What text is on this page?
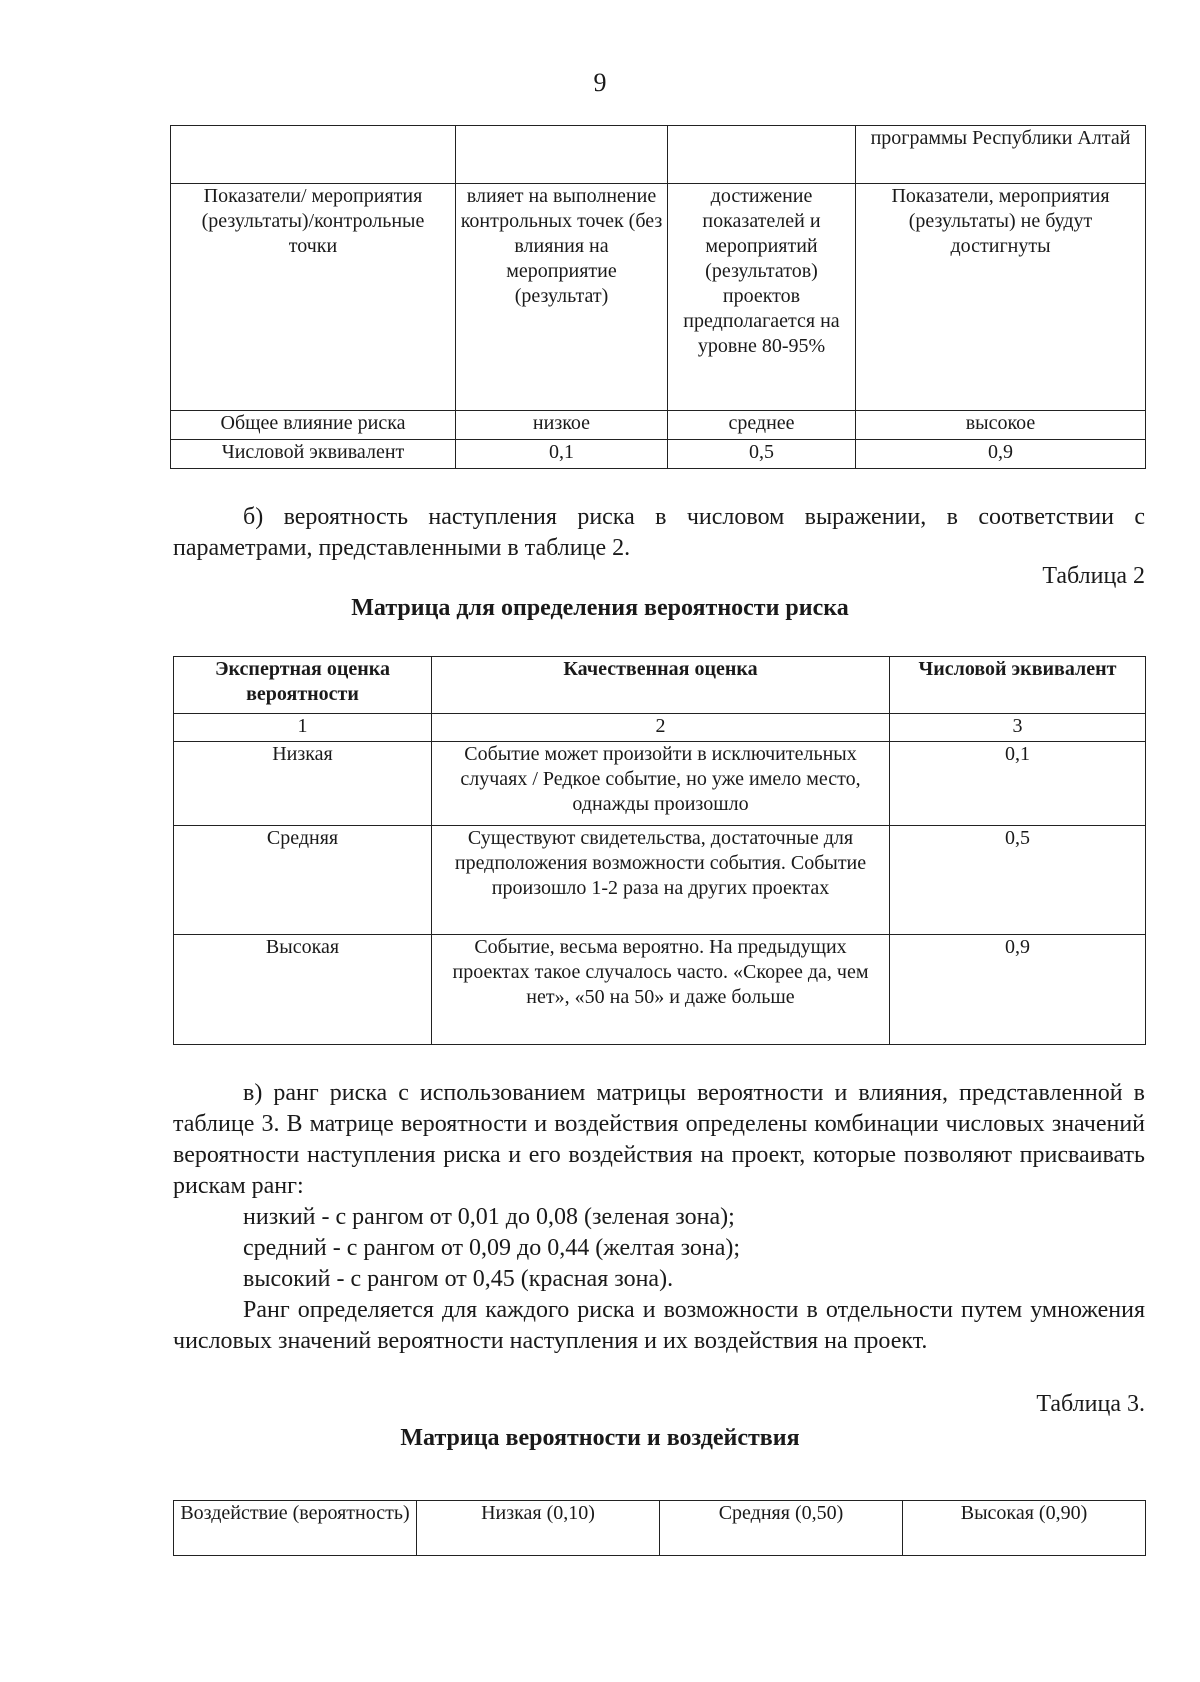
9
			программы Республики Алтай
Показатели/ мероприятия (результаты)/контрольные точки	влияет на выполнение контрольных точек (без влияния на мероприятие (результат)	достижение показателей и мероприятий (результатов) проектов предполагается на уровне 80-95%	Показатели, мероприятия (результаты) не будут достигнуты
Общее влияние риска	низкое	среднее	высокое
Числовой эквивалент	0,1	0,5	0,9
б) вероятность наступления риска в числовом выражении, в соответствии с параметрами, представленными в таблице 2.
Таблица 2
Матрица для определения вероятности риска
Экспертная оценка вероятности	Качественная оценка	Числовой эквивалент
1	2	3
Низкая	Событие может произойти в исключительных случаях / Редкое событие, но уже имело место, однажды произошло	0,1
Средняя	Существуют свидетельства, достаточные для предположения возможности события. Событие произошло 1-2 раза на других проектах	0,5
Высокая	Событие, весьма вероятно. На предыдущих проектах такое случалось часто. «Скорее да, чем нет», «50 на 50» и даже больше	0,9
в) ранг риска с использованием матрицы вероятности и влияния, представленной в таблице 3. В матрице вероятности и воздействия определены комбинации числовых значений вероятности наступления риска и его воздействия на проект, которые позволяют присваивать рискам ранг:
низкий - с рангом от 0,01 до 0,08 (зеленая зона);
средний - с рангом от 0,09 до 0,44 (желтая зона);
высокий - с рангом от 0,45 (красная зона).
Ранг определяется для каждого риска и возможности в отдельности путем умножения числовых значений вероятности наступления и их воздействия на проект.
Таблица 3.
Матрица вероятности и воздействия
Воздействие (вероятность)	Низкая (0,10)	Средняя (0,50)	Высокая (0,90)
